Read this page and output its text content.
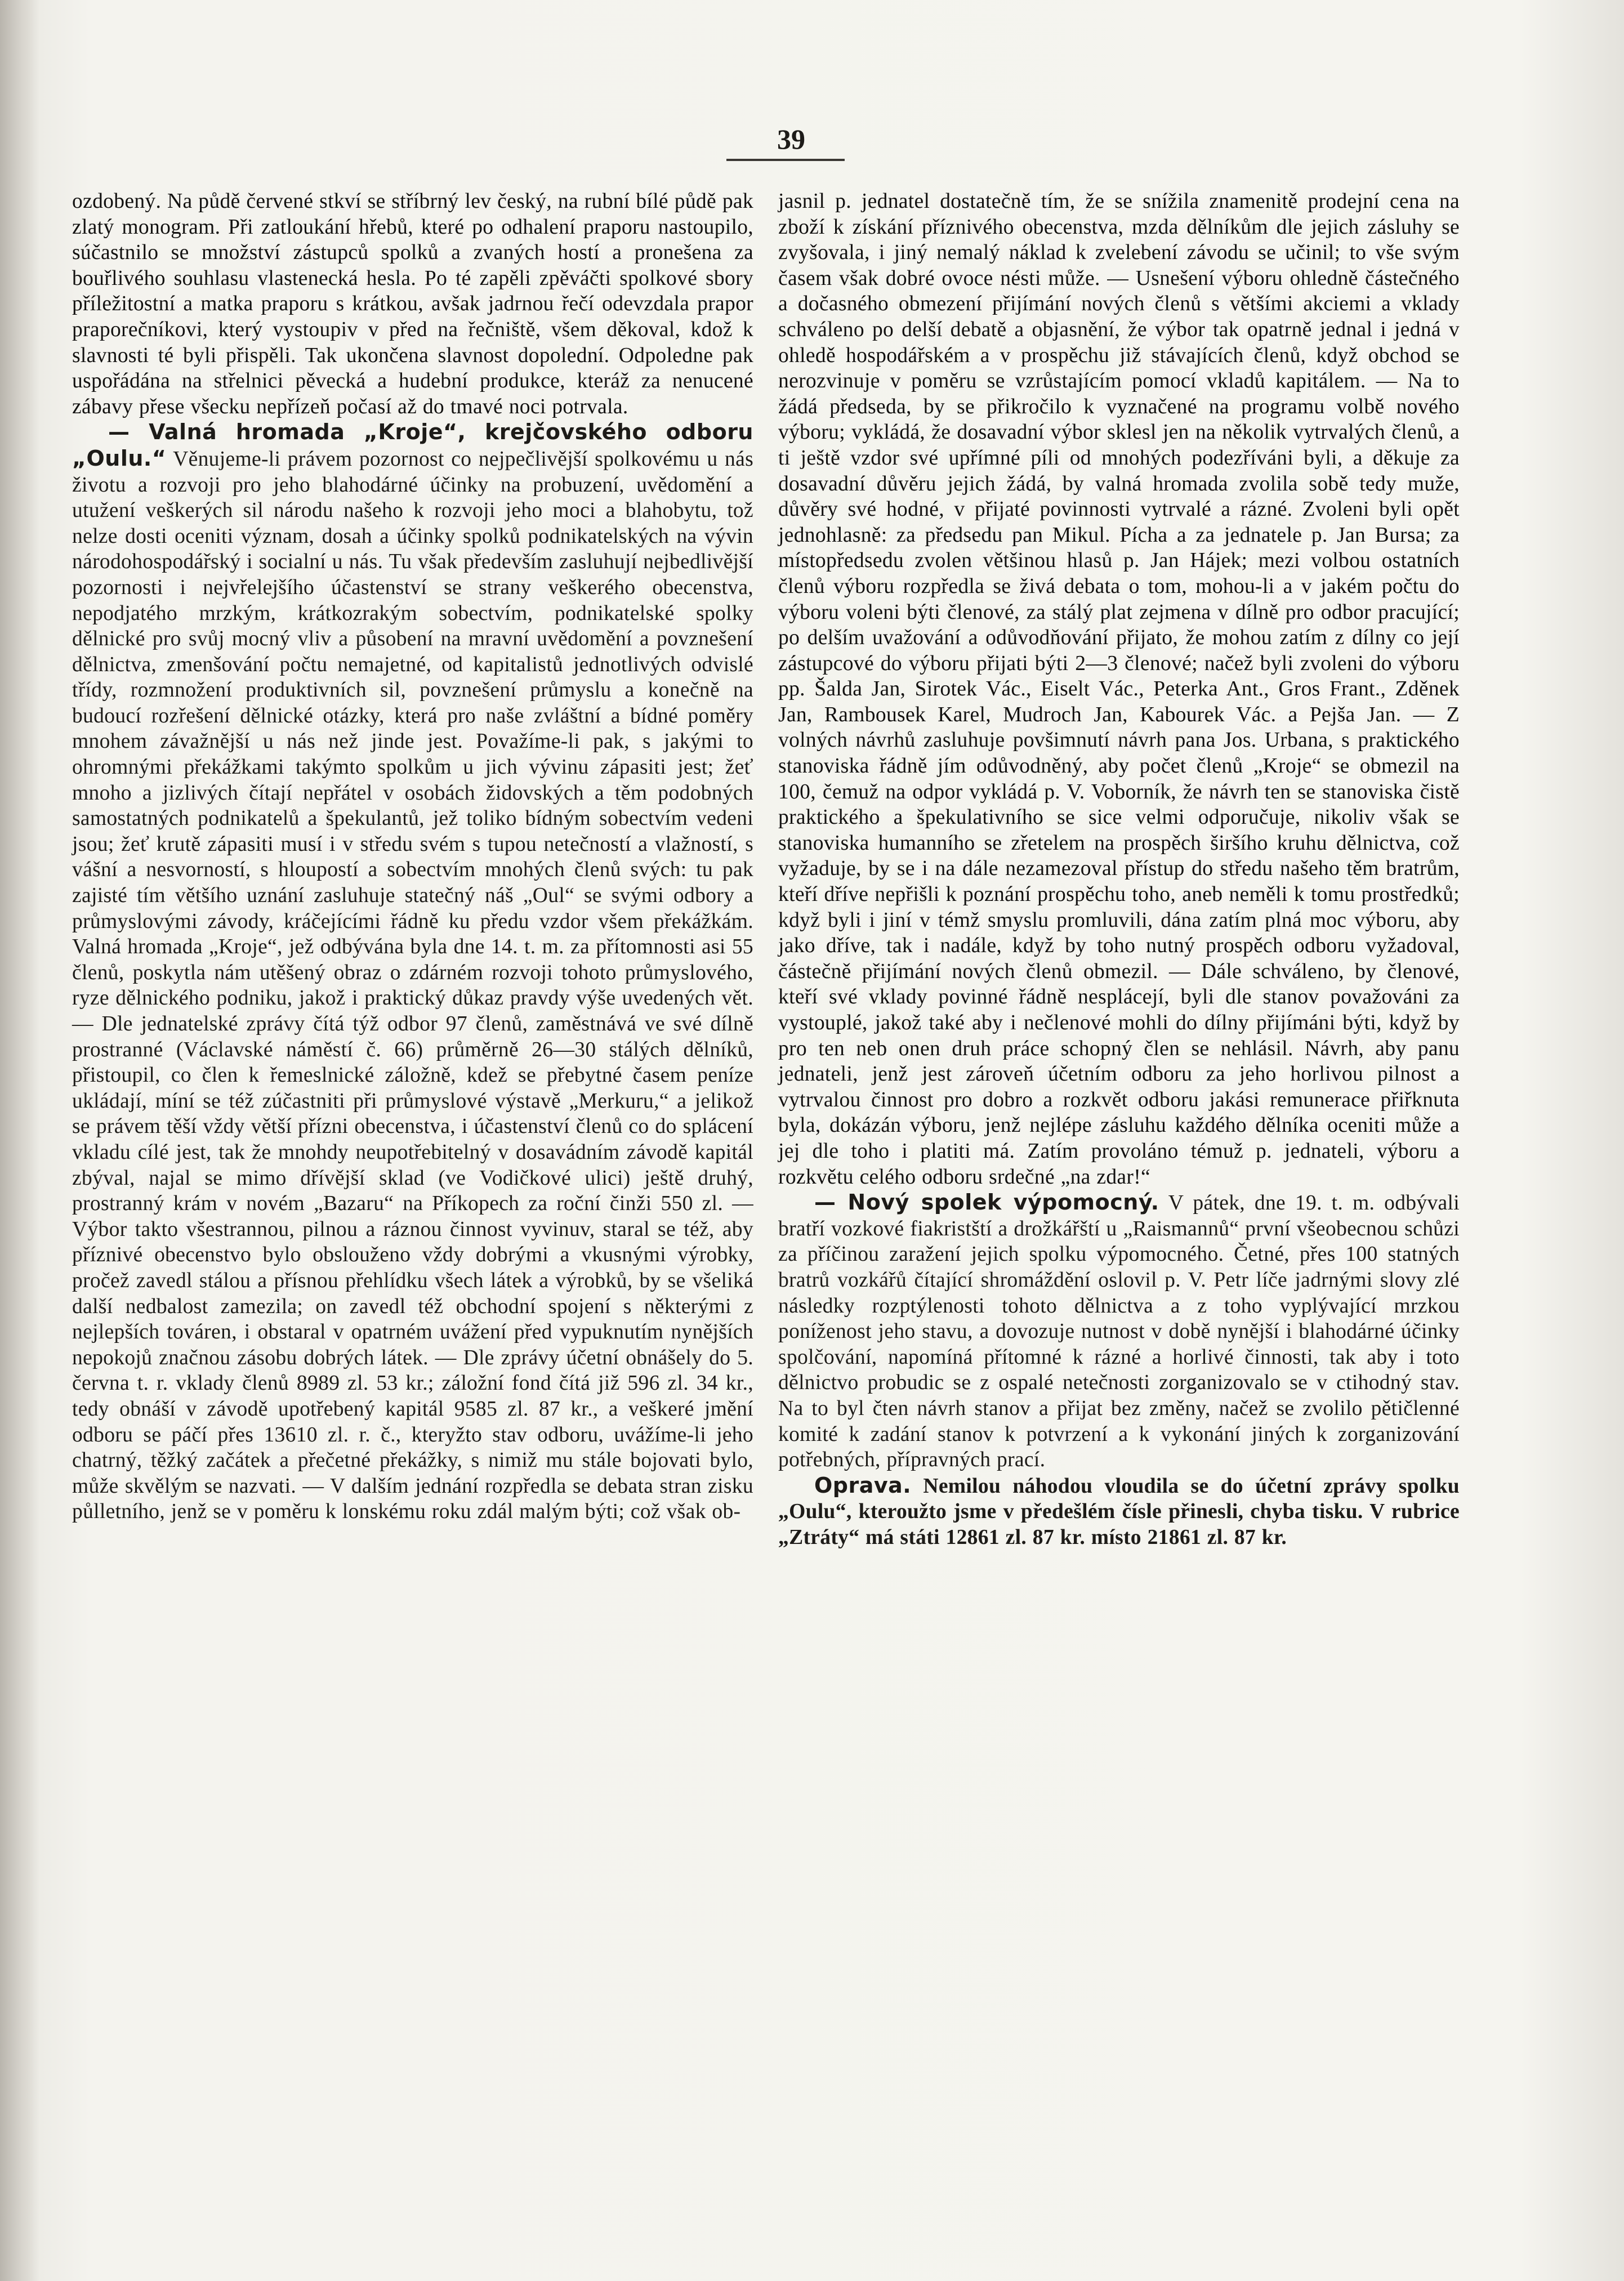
39

ozdobený. Na půdě červené stkví se stříbrný lev český, na rubní bílé půdě pak zlatý monogram. Při zatloukání hřebů, které po odhalení praporu nastoupilo, súčastnilo se množství zástupců spolků a zvaných hostí a pronešena za bouřlivého souhlasu vlastenecká hesla. Po té zapěli zpěváčti spolkové sbory příležitostní a matka praporu s krátkou, avšak jadrnou řečí odevzdala prapor praporečníkovi, který vystoupiv v před na řečniště, všem děkoval, kdož k slavnosti té byli přispěli. Tak ukončena slavnost dopolední. Odpoledne pak uspořádána na střelnici pěvecká a hudební produkce, kteráž za nenucené zábavy přese všecku nepřízeň počasí až do tmavé noci potrvala.

— Valná hromada „Kroje“, krejčovského odboru „Oulu.“ Věnujeme-li právem pozornost co nejpečlivější spolkovému u nás životu a rozvoji pro jeho blahodárné účinky na probuzení, uvědomění a utužení veškerých sil národu našeho k rozvoji jeho moci a blahobytu, tož nelze dosti oceniti význam, dosah a účinky spolků podnikatelských na vývin národohospodářský i socialní u nás. Tu však především zasluhují nejbedlivější pozornosti i nejvřelejšího účastenství se strany veškerého obecenstva, nepodjatého mrzkým, krátkozrakým sobectvím, podnikatelské spolky dělnické pro svůj mocný vliv a působení na mravní uvědomění a povznešení dělnictva, zmenšování počtu nemajetné, od kapitalistů jednotlivých odvislé třídy, rozmnožení produktivních sil, povznešení průmyslu a konečně na budoucí rozřešení dělnické otázky, která pro naše zvláštní a bídné poměry mnohem závažnější u nás než jinde jest. Považíme-li pak, s jakými to ohromnými překážkami takýmto spolkům u jich vývinu zápasiti jest; žeť mnoho a jizlivých čítají nepřátel v osobách židovských a těm podobných samostatných podnikatelů a špekulantů, jež toliko bídným sobectvím vedeni jsou; žeť krutě zápasiti musí i v středu svém s tupou netečností a vlažností, s vášní a nesvorností, s hloupostí a sobectvím mnohých členů svých: tu pak zajisté tím většího uznání zasluhuje statečný náš „Oul“ se svými odbory a průmyslovými závody, kráčejícími řádně ku předu vzdor všem překážkám. Valná hromada „Kroje“, jež odbývána byla dne 14. t. m. za přítomnosti asi 55 členů, poskytla nám utěšený obraz o zdárném rozvoji tohoto průmyslového, ryze dělnického podniku, jakož i praktický důkaz pravdy výše uvedených vět. — Dle jednatelské zprávy čítá týž odbor 97 členů, zaměstnává ve své dílně prostranné (Václavské náměstí č. 66) průměrně 26—30 stálých dělníků, přistoupil, co člen k řemeslnické záložně, kdež se přebytné časem peníze ukládají, míní se též zúčastniti při průmyslové výstavě „Merkuru,“ a jelikož se právem těší vždy větší přízni obecenstva, i účastenství členů co do splácení vkladu cílé jest, tak že mnohdy neupotřebitelný v dosavádním závodě kapitál zbýval, najal se mimo dřívější sklad (ve Vodičkové ulici) ještě druhý, prostranný krám v novém „Bazaru“ na Příkopech za roční činži 550 zl. — Výbor takto všestrannou, pilnou a ráznou činnost vyvinuv, staral se též, aby příznivé obecenstvo bylo obslouženo vždy dobrými a vkusnými výrobky, pročež zavedl stálou a přísnou přehlídku všech látek a výrobků, by se všeliká další nedbalost zamezila; on zavedl též obchodní spojení s některými z nejlepších továren, i obstaral v opatrném uvážení před vypuknutím nynějších nepokojů značnou zásobu dobrých látek. — Dle zprávy účetní obnášely do 5. června t. r. vklady členů 8989 zl. 53 kr.; záložní fond čítá již 596 zl. 34 kr., tedy obnáší v závodě upotřebený kapitál 9585 zl. 87 kr., a veškeré jmění odboru se páčí přes 13610 zl. r. č., kteryžto stav odboru, uvážíme-li jeho chatrný, těžký začátek a přečetné překážky, s nimiž mu stále bojovati bylo, může skvělým se nazvati. — V dalším jednání rozpředla se debata stran zisku půlletního, jenž se v poměru k lonskému roku zdál malým býti; což však ob-

jasnil p. jednatel dostatečně tím, že se snížila znamenitě prodejní cena na zboží k získání příznivého obecenstva, mzda dělníkům dle jejich zásluhy se zvyšovala, i jiný nemalý náklad k zvelebení závodu se učinil; to vše svým časem však dobré ovoce nésti může. — Usnešení výboru ohledně částečného a dočasného obmezení přijímání nových členů s většími akciemi a vklady schváleno po delší debatě a objasnění, že výbor tak opatrně jednal i jedná v ohledě hospodářském a v prospěchu již stávajících členů, když obchod se nerozvinuje v poměru se vzrůstajícím pomocí vkladů kapitálem. — Na to žádá předseda, by se přikročilo k vyznačené na programu volbě nového výboru; vykládá, že dosavadní výbor sklesl jen na několik vytrvalých členů, a ti ještě vzdor své upřímné píli od mnohých podezříváni byli, a děkuje za dosavadní důvěru jejich žádá, by valná hromada zvolila sobě tedy muže, důvěry své hodné, v přijaté povinnosti vytrvalé a rázné. Zvoleni byli opět jednohlasně: za předsedu pan Mikul. Pícha a za jednatele p. Jan Bursa; za místopředsedu zvolen většinou hlasů p. Jan Hájek; mezi volbou ostatních členů výboru rozpředla se živá debata o tom, mohou-li a v jakém počtu do výboru voleni býti členové, za stálý plat zejmena v dílně pro odbor pracující; po delším uvažování a odůvodňování přijato, že mohou zatím z dílny co její zástupcové do výboru přijati býti 2—3 členové; načež byli zvoleni do výboru pp. Šalda Jan, Sirotek Vác., Eiselt Vác., Peterka Ant., Gros Frant., Zděnek Jan, Rambousek Karel, Mudroch Jan, Kabourek Vác. a Pejša Jan. — Z volných návrhů zasluhuje povšimnutí návrh pana Jos. Urbana, s praktického stanoviska řádně jím odůvodněný, aby počet členů „Kroje“ se obmezil na 100, čemuž na odpor vykládá p. V. Voborník, že návrh ten se stanoviska čistě praktického a špekulativního se sice velmi odporučuje, nikoliv však se stanoviska humanního se zřetelem na prospěch širšího kruhu dělnictva, což vyžaduje, by se i na dále nezamezoval přístup do středu našeho těm bratrům, kteří dříve nepřišli k poznání prospěchu toho, aneb neměli k tomu prostředků; když byli i jiní v témž smyslu promluvili, dána zatím plná moc výboru, aby jako dříve, tak i nadále, když by toho nutný prospěch odboru vyžadoval, částečně přijímání nových členů obmezil. — Dále schváleno, by členové, kteří své vklady povinné řádně nesplácejí, byli dle stanov považováni za vystouplé, jakož také aby i nečlenové mohli do dílny přijímáni býti, když by pro ten neb onen druh práce schopný člen se nehlásil. Návrh, aby panu jednateli, jenž jest zároveň účetním odboru za jeho horlivou pilnost a vytrvalou činnost pro dobro a rozkvět odboru jakási remunerace přiřknuta byla, dokázán výboru, jenž nejlépe zásluhu každého dělníka oceniti může a jej dle toho i platiti má. Zatím provoláno témuž p. jednateli, výboru a rozkvětu celého odboru srdečné „na zdar!“

— Nový spolek výpomocný. V pátek, dne 19. t. m. odbývali bratří vozkové fiakristští a drožkářští u „Raismannů“ první všeobecnou schůzi za příčinou zaražení jejich spolku výpomocného. Četné, přes 100 statných bratrů vozkářů čítající shromáždění oslovil p. V. Petr líče jadrnými slovy zlé následky rozptýlenosti tohoto dělnictva a z toho vyplývající mrzkou poníženost jeho stavu, a dovozuje nutnost v době nynější i blahodárné účinky spolčování, napomíná přítomné k rázné a horlivé činnosti, tak aby i toto dělnictvo probudic se z ospalé netečnosti zorganizovalo se v ctihodný stav. Na to byl čten návrh stanov a přijat bez změny, načež se zvolilo pětičlenné komité k zadání stanov k potvrzení a k vykonání jiných k zorganizování potřebných, přípravných prací.

Oprava. Nemilou náhodou vloudila se do účetní zprávy spolku „Oulu“, kteroužto jsme v předešlém čísle přinesli, chyba tisku. V rubrice „Ztráty“ má státi 12861 zl. 87 kr. místo 21861 zl. 87 kr.
